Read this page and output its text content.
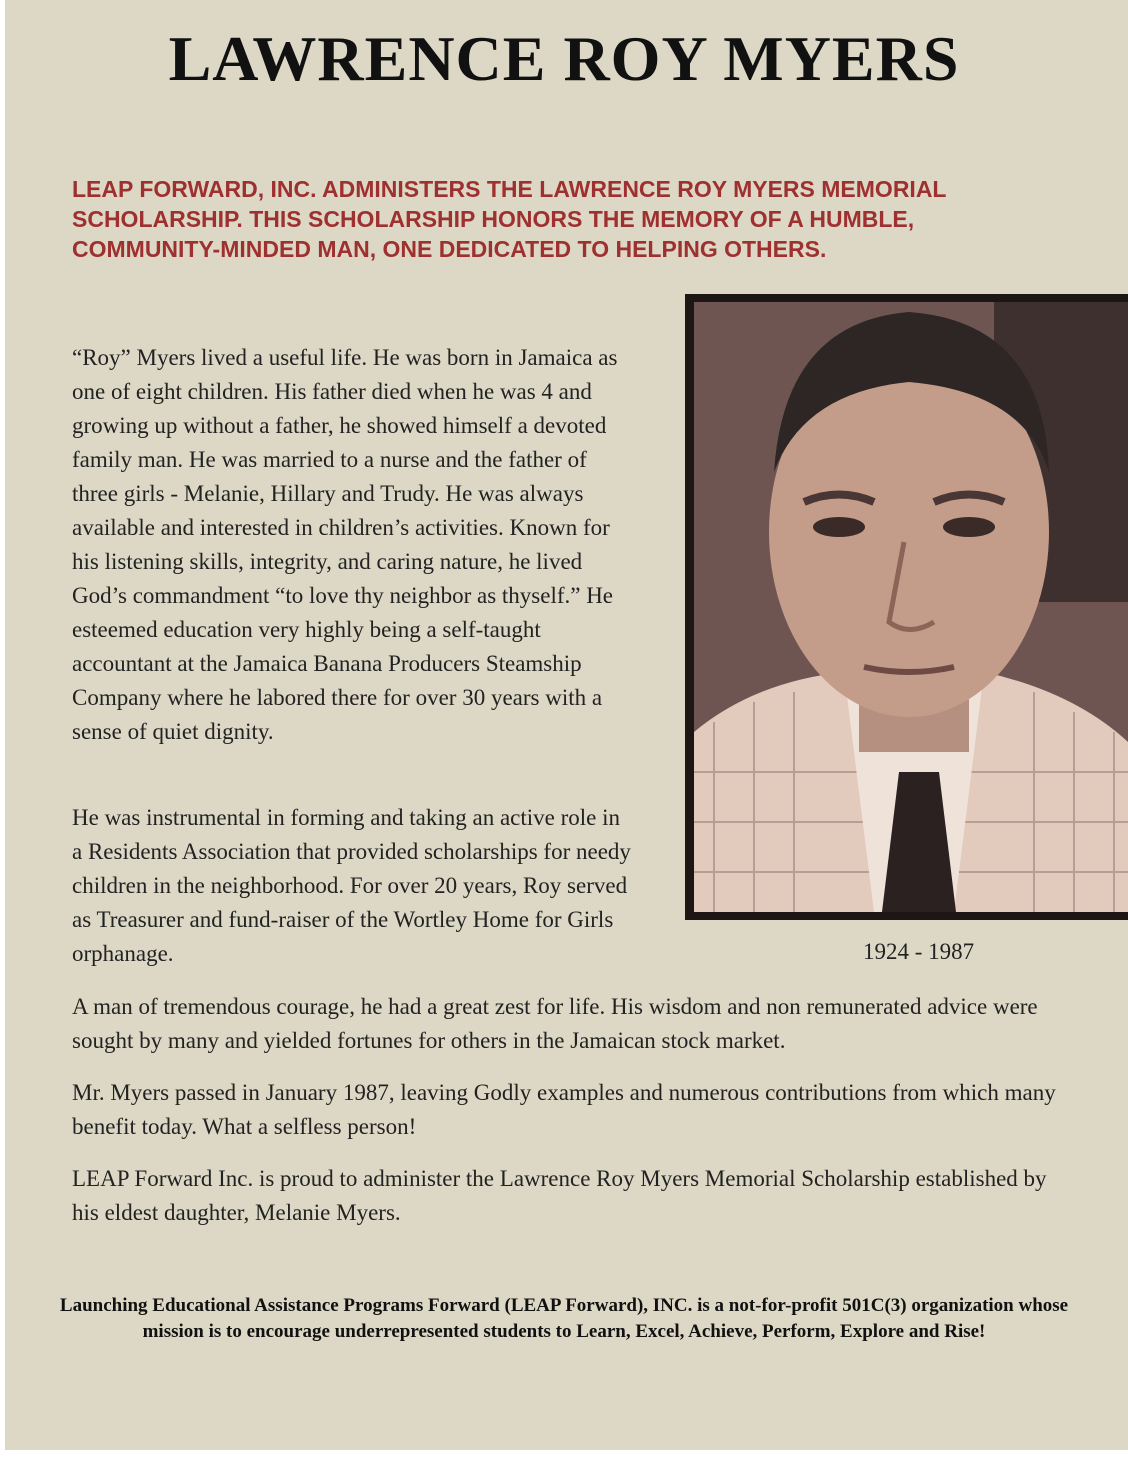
LAWRENCE ROY MYERS

LEAP FORWARD, INC. ADMINISTERS THE LAWRENCE ROY MYERS MEMORIAL SCHOLARSHIP. THIS SCHOLARSHIP HONORS THE MEMORY OF A HUMBLE, COMMUNITY-MINDED MAN, ONE DEDICATED TO HELPING OTHERS.

1924 - 1987

“Roy” Myers lived a useful life. He was born in Jamaica as one of eight children. His father died when he was 4 and growing up without a father, he showed himself a devoted family man. He was married to a nurse and the father of three girls - Melanie, Hillary and Trudy. He was always available and interested in children’s activities. Known for his listening skills, integrity, and caring nature, he lived God’s commandment “to love thy neighbor as thyself.” He esteemed education very highly being a self-taught accountant at the Jamaica Banana Producers Steamship Company where he labored there for over 30 years with a sense of quiet dignity.

He was instrumental in forming and taking an active role in a Residents Association that provided scholarships for needy children in the neighborhood. For over 20 years, Roy served as Treasurer and fund-raiser of the Wortley Home for Girls orphanage.

A man of tremendous courage, he had a great zest for life. His wisdom and non remunerated advice were sought by many and yielded fortunes for others in the Jamaican stock market.

Mr. Myers passed in January 1987, leaving Godly examples and numerous contributions from which many benefit today. What a selfless person!

LEAP Forward Inc. is proud to administer the Lawrence Roy Myers Memorial Scholarship established by his eldest daughter, Melanie Myers.

Launching Educational Assistance Programs Forward (LEAP Forward), INC. is a not-for-profit 501C(3) organization whose mission is to encourage underrepresented students to Learn, Excel, Achieve, Perform, Explore and Rise!
